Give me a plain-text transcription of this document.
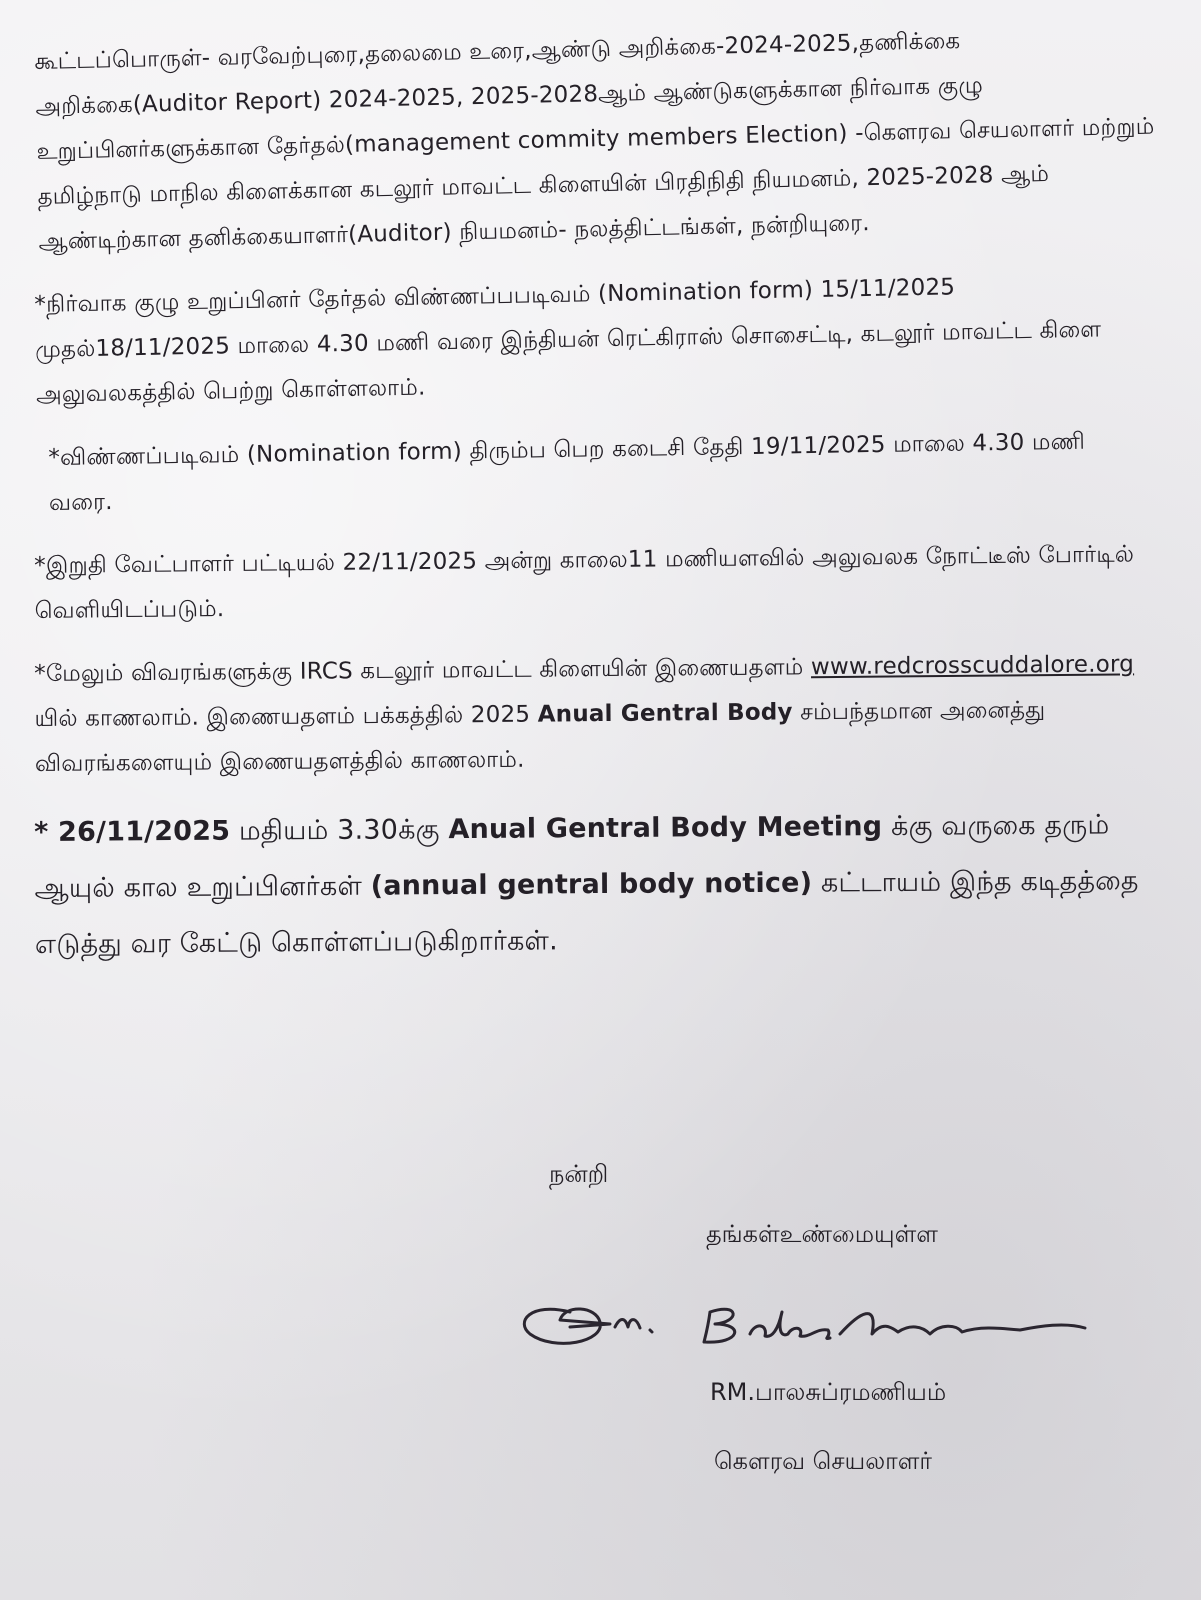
கூட்டப்பொருள்- வரவேற்புரை,தலைமை உரை,ஆண்டு அறிக்கை-2024-2025,தணிக்கை அறிக்கை(Auditor Report) 2024-2025, 2025-2028ஆம் ஆண்டுகளுக்கான நிர்வாக குழு உறுப்பினர்களுக்கான தேர்தல்(management commity members Election) -கௌரவ செயலாளர் மற்றும் தமிழ்நாடு மாநில கிளைக்கான கடலூர் மாவட்ட கிளையின் பிரதிநிதி நியமனம், 2025-2028 ஆம் ஆண்டிற்கான தனிக்கையாளர்(Auditor) நியமனம்- நலத்திட்டங்கள், நன்றியுரை.

*நிர்வாக குழு உறுப்பினர் தேர்தல் விண்ணப்பபடிவம் (Nomination form) 15/11/2025 முதல்18/11/2025 மாலை 4.30 மணி வரை இந்தியன் ரெட்கிராஸ் சொசைட்டி, கடலூர் மாவட்ட கிளை அலுவலகத்தில் பெற்று கொள்ளலாம்.

*விண்ணப்படிவம் (Nomination form) திரும்ப பெற கடைசி தேதி 19/11/2025 மாலை 4.30 மணி வரை.

*இறுதி வேட்பாளர் பட்டியல் 22/11/2025 அன்று காலை11 மணியளவில் அலுவலக நோட்டீஸ் போர்டில் வெளியிடப்படும்.

*மேலும் விவரங்களுக்கு IRCS கடலூர் மாவட்ட கிளையின் இணையதளம் www.redcrosscuddalore.org யில் காணலாம். இணையதளம் பக்கத்தில் 2025 Anual Gentral Body சம்பந்தமான அனைத்து விவரங்களையும் இணையதளத்தில் காணலாம்.

* 26/11/2025 மதியம் 3.30க்கு Anual Gentral Body Meeting க்கு வருகை தரும் ஆயுல் கால உறுப்பினர்கள் (annual gentral body notice) கட்டாயம் இந்த கடிதத்தை எடுத்து வர கேட்டு கொள்ளப்படுகிறார்கள்.

நன்றி
தங்கள்உண்மையுள்ள
RM.பாலசுப்ரமணியம்
கௌரவ செயலாளர்
